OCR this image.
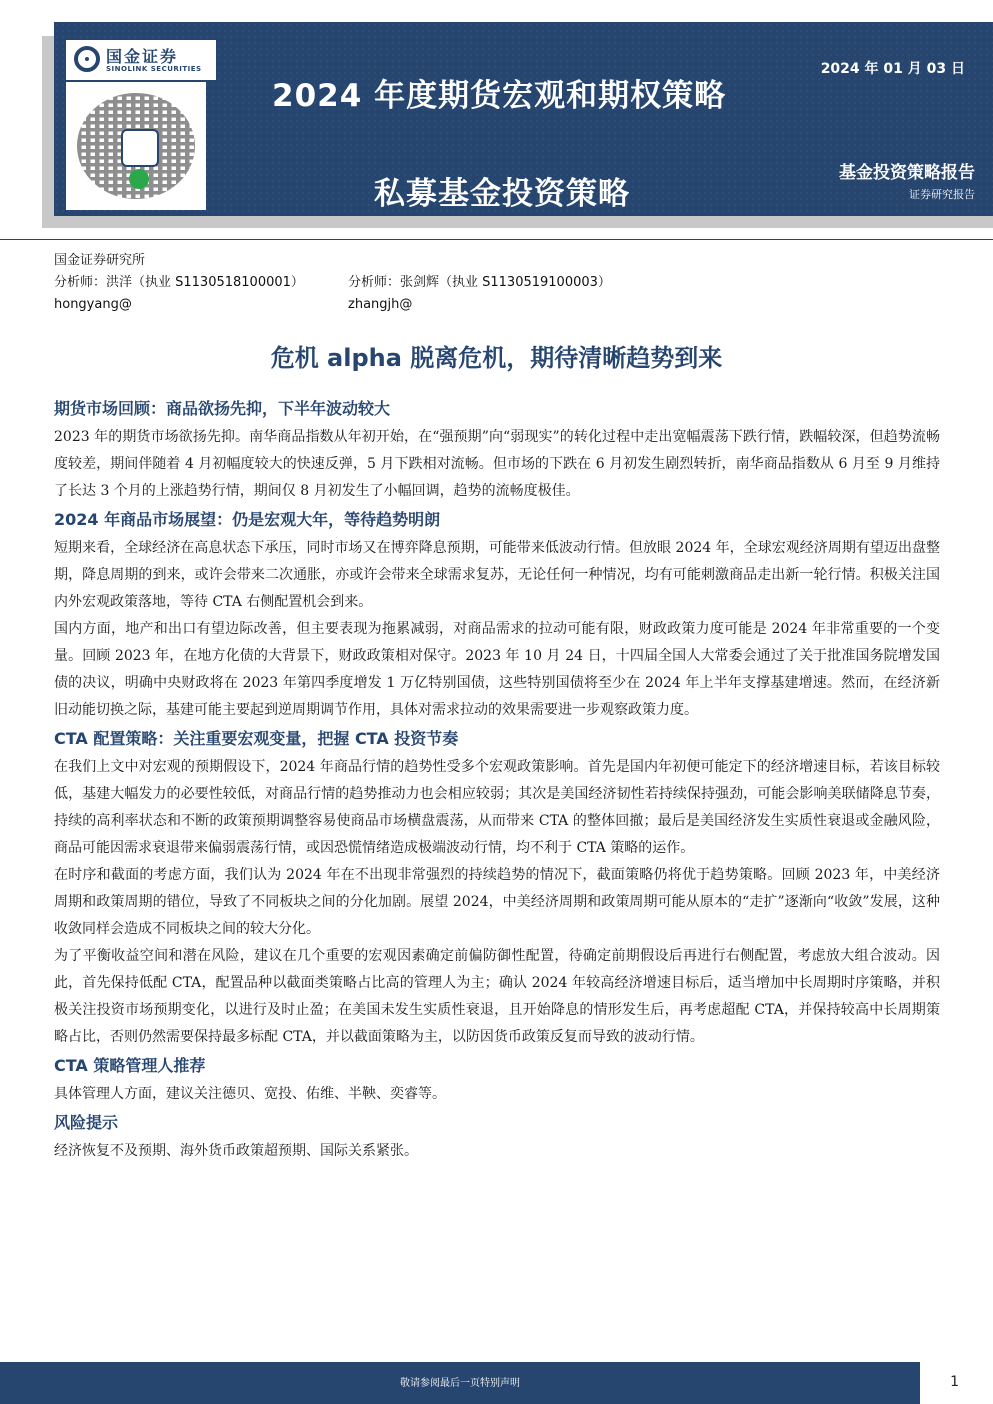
国金证券
SINOLINK SECURITIES
2024 年度期货宏观和期权策略
私募基金投资策略
2024 年 01 月 03 日
基金投资策略报告
证券研究报告
国金证券研究所
分析师：洪洋（执业 S1130518100001）	分析师：张剑辉（执业 S1130519100003）
hongyang@	zhangjh@
危机 alpha 脱离危机，期待清晰趋势到来
期货市场回顾：商品欲扬先抑，下半年波动较大

2023 年的期货市场欲扬先抑。南华商品指数从年初开始，在“强预期”向“弱现实”的转化过程中走出宽幅震荡下跌行情，跌幅较深，但趋势流畅度较差，期间伴随着 4 月初幅度较大的快速反弹，5 月下跌相对流畅。但市场的下跌在 6 月初发生剧烈转折，南华商品指数从 6 月至 9 月维持了长达 3 个月的上涨趋势行情，期间仅 8 月初发生了小幅回调，趋势的流畅度极佳。

2024 年商品市场展望：仍是宏观大年，等待趋势明朗

短期来看，全球经济在高息状态下承压，同时市场又在博弈降息预期，可能带来低波动行情。但放眼 2024 年，全球宏观经济周期有望迈出盘整期，降息周期的到来，或许会带来二次通胀，亦或许会带来全球需求复苏，无论任何一种情况，均有可能刺激商品走出新一轮行情。积极关注国内外宏观政策落地，等待 CTA 右侧配置机会到来。

国内方面，地产和出口有望边际改善，但主要表现为拖累减弱，对商品需求的拉动可能有限，财政政策力度可能是 2024 年非常重要的一个变量。回顾 2023 年，在地方化债的大背景下，财政政策相对保守。2023 年 10 月 24 日，十四届全国人大常委会通过了关于批准国务院增发国债的决议，明确中央财政将在 2023 年第四季度增发 1 万亿特别国债，这些特别国债将至少在 2024 年上半年支撑基建增速。然而，在经济新旧动能切换之际，基建可能主要起到逆周期调节作用，具体对需求拉动的效果需要进一步观察政策力度。

CTA 配置策略：关注重要宏观变量，把握 CTA 投资节奏

在我们上文中对宏观的预期假设下，2024 年商品行情的趋势性受多个宏观政策影响。首先是国内年初便可能定下的经济增速目标，若该目标较低，基建大幅发力的必要性较低，对商品行情的趋势推动力也会相应较弱；其次是美国经济韧性若持续保持强劲，可能会影响美联储降息节奏，持续的高利率状态和不断的政策预期调整容易使商品市场横盘震荡，从而带来 CTA 的整体回撤；最后是美国经济发生实质性衰退或金融风险，商品可能因需求衰退带来偏弱震荡行情，或因恐慌情绪造成极端波动行情，均不利于 CTA 策略的运作。

在时序和截面的考虑方面，我们认为 2024 年在不出现非常强烈的持续趋势的情况下，截面策略仍将优于趋势策略。回顾 2023 年，中美经济周期和政策周期的错位，导致了不同板块之间的分化加剧。展望 2024，中美经济周期和政策周期可能从原本的“走扩”逐渐向“收敛”发展，这种收敛同样会造成不同板块之间的较大分化。

为了平衡收益空间和潜在风险，建议在几个重要的宏观因素确定前偏防御性配置，待确定前期假设后再进行右侧配置，考虑放大组合波动。因此，首先保持低配 CTA，配置品种以截面类策略占比高的管理人为主；确认 2024 年较高经济增速目标后，适当增加中长周期时序策略，并积极关注投资市场预期变化，以进行及时止盈；在美国未发生实质性衰退，且开始降息的情形发生后，再考虑超配 CTA，并保持较高中长周期策略占比，否则仍然需要保持最多标配 CTA，并以截面策略为主，以防因货币政策反复而导致的波动行情。

CTA 策略管理人推荐

具体管理人方面，建议关注德贝、宽投、佑维、半鞅、奕睿等。

风险提示

经济恢复不及预期、海外货币政策超预期、国际关系紧张。

敬请参阅最后一页特别声明	1
